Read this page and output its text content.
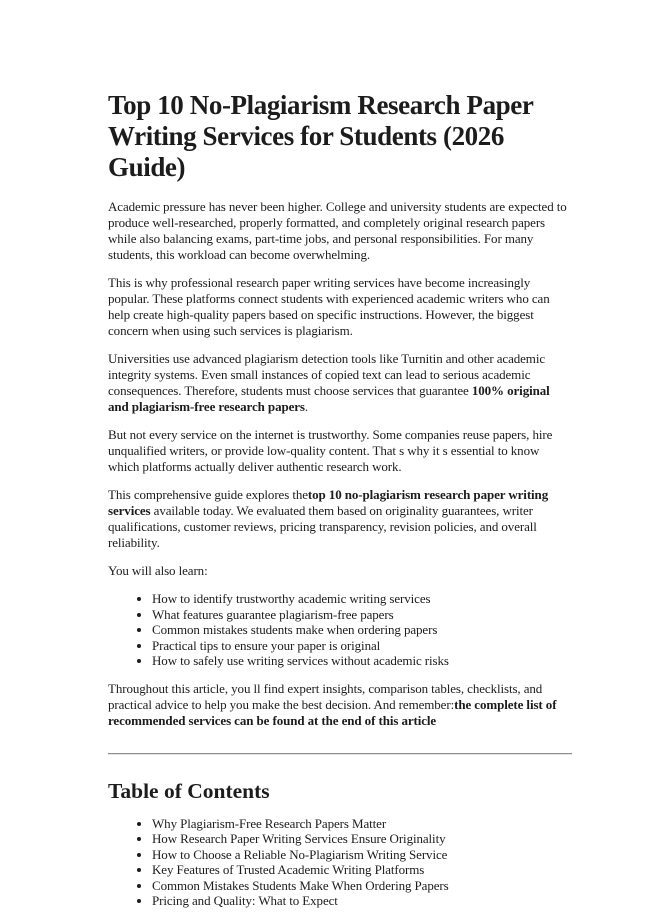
Top 10 No-Plagiarism Research Paper Writing Services for Students (2026 Guide)

Academic pressure has never been higher. College and university students are expected to produce well-researched, properly formatted, and completely original research papers while also balancing exams, part-time jobs, and personal responsibilities. For many students, this workload can become overwhelming.

This is why professional research paper writing services have become increasingly popular. These platforms connect students with experienced academic writers who can help create high-quality papers based on specific instructions. However, the biggest concern when using such services is plagiarism.

Universities use advanced plagiarism detection tools like Turnitin and other academic integrity systems. Even small instances of copied text can lead to serious academic consequences. Therefore, students must choose services that guarantee 100% original and plagiarism-free research papers.

But not every service on the internet is trustworthy. Some companies reuse papers, hire unqualified writers, or provide low-quality content. That s why it s essential to know which platforms actually deliver authentic research work.

This comprehensive guide explores thetop 10 no-plagiarism research paper writing services available today. We evaluated them based on originality guarantees, writer qualifications, customer reviews, pricing transparency, revision policies, and overall reliability.

You will also learn:

• How to identify trustworthy academic writing services
• What features guarantee plagiarism-free papers
• Common mistakes students make when ordering papers
• Practical tips to ensure your paper is original
• How to safely use writing services without academic risks

Throughout this article, you ll find expert insights, comparison tables, checklists, and practical advice to help you make the best decision. And remember:the complete list of recommended services can be found at the end of this article

Table of Contents
• Why Plagiarism-Free Research Papers Matter
• How Research Paper Writing Services Ensure Originality
• How to Choose a Reliable No-Plagiarism Writing Service
• Key Features of Trusted Academic Writing Platforms
• Common Mistakes Students Make When Ordering Papers
• Pricing and Quality: What to Expect
